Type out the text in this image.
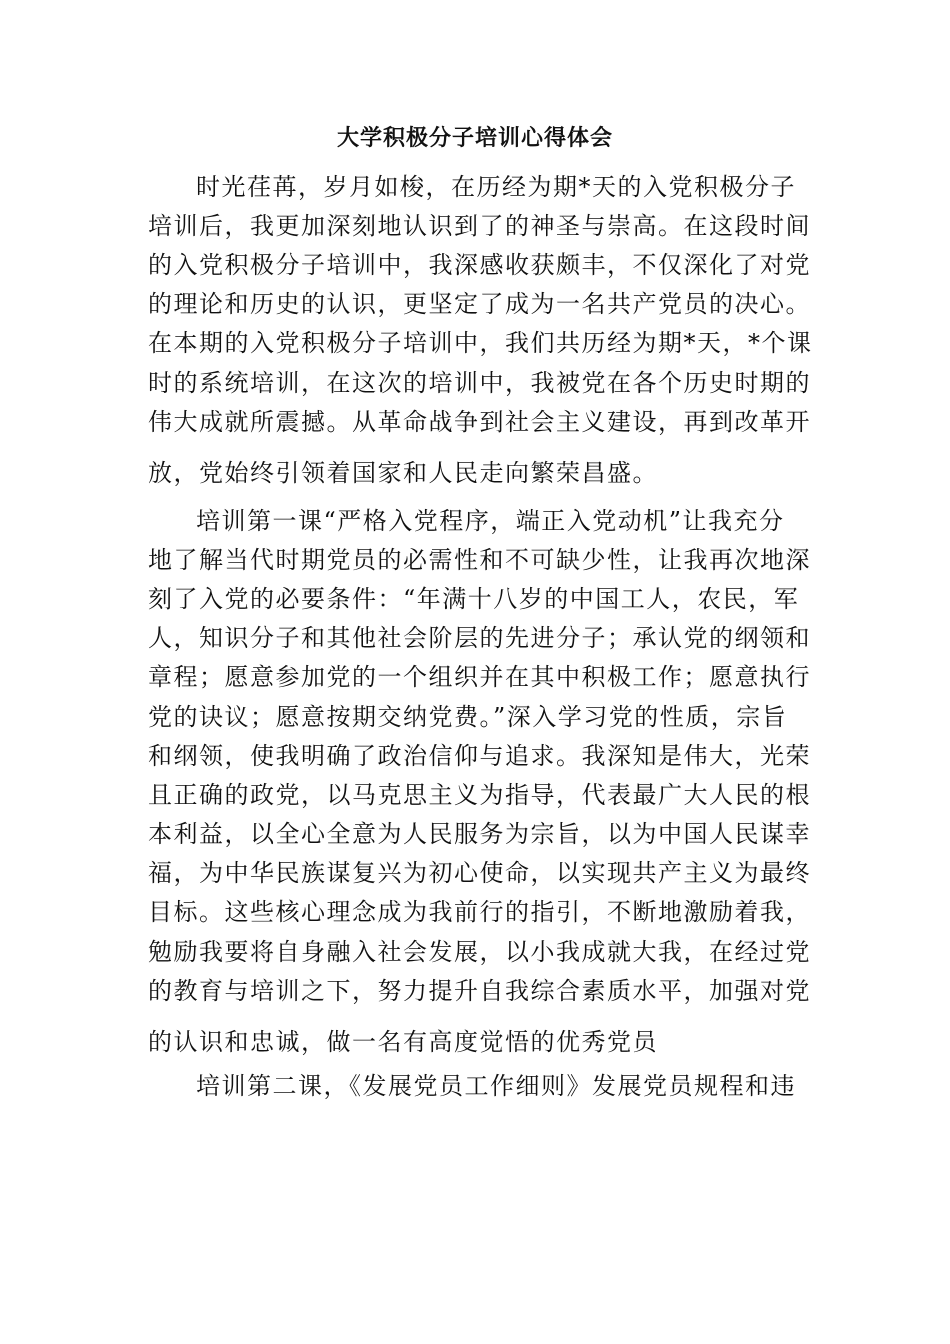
大学积极分子培训心得体会
时光荏苒，岁月如梭，在历经为期*天的入党积极分子
培训后，我更加深刻地认识到了的神圣与崇高。在这段时间
的入党积极分子培训中，我深感收获颇丰，不仅深化了对党
的理论和历史的认识，更坚定了成为一名共产党员的决心。
在本期的入党积极分子培训中，我们共历经为期*天，*个课
时的系统培训，在这次的培训中，我被党在各个历史时期的
伟大成就所震撼。从革命战争到社会主义建设，再到改革开
放，党始终引领着国家和人民走向繁荣昌盛。
培训第一课“严格入党程序，端正入党动机”让我充分
地了解当代时期党员的必需性和不可缺少性，让我再次地深
刻了入党的必要条件：“年满十八岁的中国工人，农民，军
人，知识分子和其他社会阶层的先进分子；承认党的纲领和
章程；愿意参加党的一个组织并在其中积极工作；愿意执行
党的诀议；愿意按期交纳党费。”深入学习党的性质，宗旨
和纲领，使我明确了政治信仰与追求。我深知是伟大，光荣
且正确的政党，以马克思主义为指导，代表最广大人民的根
本利益，以全心全意为人民服务为宗旨，以为中国人民谋幸
福，为中华民族谋复兴为初心使命，以实现共产主义为最终
目标。这些核心理念成为我前行的指引，不断地激励着我，
勉励我要将自身融入社会发展，以小我成就大我，在经过党
的教育与培训之下，努力提升自我综合素质水平，加强对党
的认识和忠诚，做一名有高度觉悟的优秀党员
培训第二课，《发展党员工作细则》发展党员规程和违
